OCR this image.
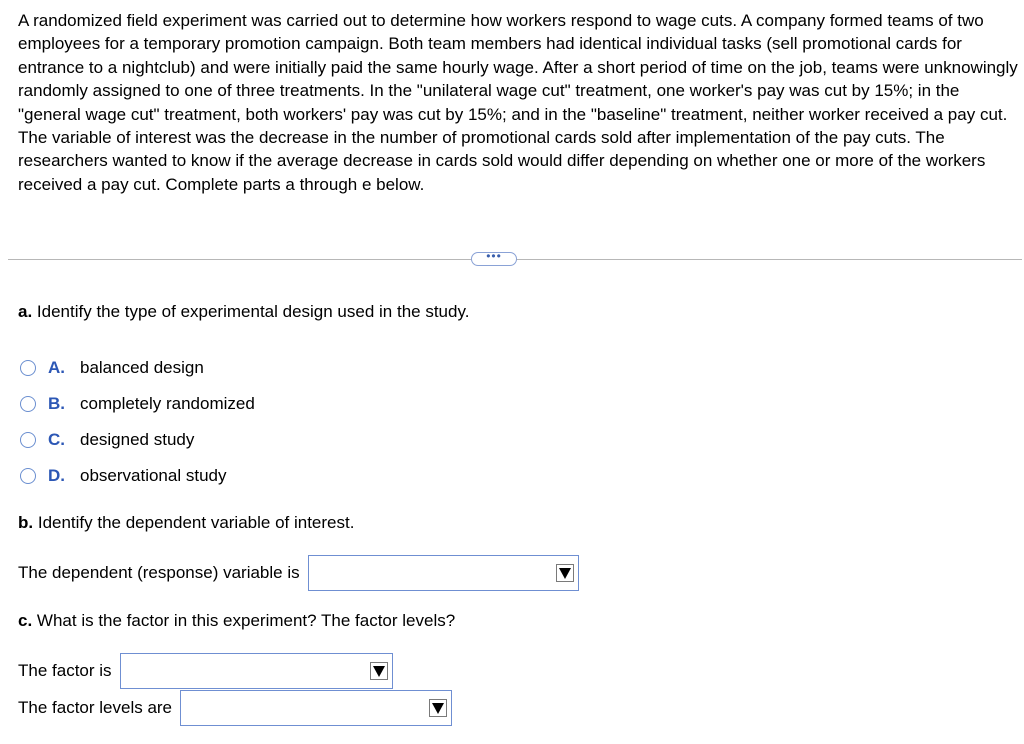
A randomized field experiment was carried out to determine how workers respond to wage cuts. A company formed teams of two employees for a temporary promotion campaign. Both team members had identical individual tasks (sell promotional cards for entrance to a nightclub) and were initially paid the same hourly wage. After a short period of time on the job, teams were unknowingly randomly assigned to one of three treatments. In the "unilateral wage cut" treatment, one worker's pay was cut by 15%; in the "general wage cut" treatment, both workers' pay was cut by 15%; and in the "baseline" treatment, neither worker received a pay cut. The variable of interest was the decrease in the number of promotional cards sold after implementation of the pay cuts. The researchers wanted to know if the average decrease in cards sold would differ depending on whether one or more of the workers received a pay cut. Complete parts a through e below.

•••
a. Identify the type of experimental design used in the study.
A. balanced design
B. completely randomized
C. designed study
D. observational study
b. Identify the dependent variable of interest.
The dependent (response) variable is
c. What is the factor in this experiment? The factor levels?
The factor is
The factor levels are
